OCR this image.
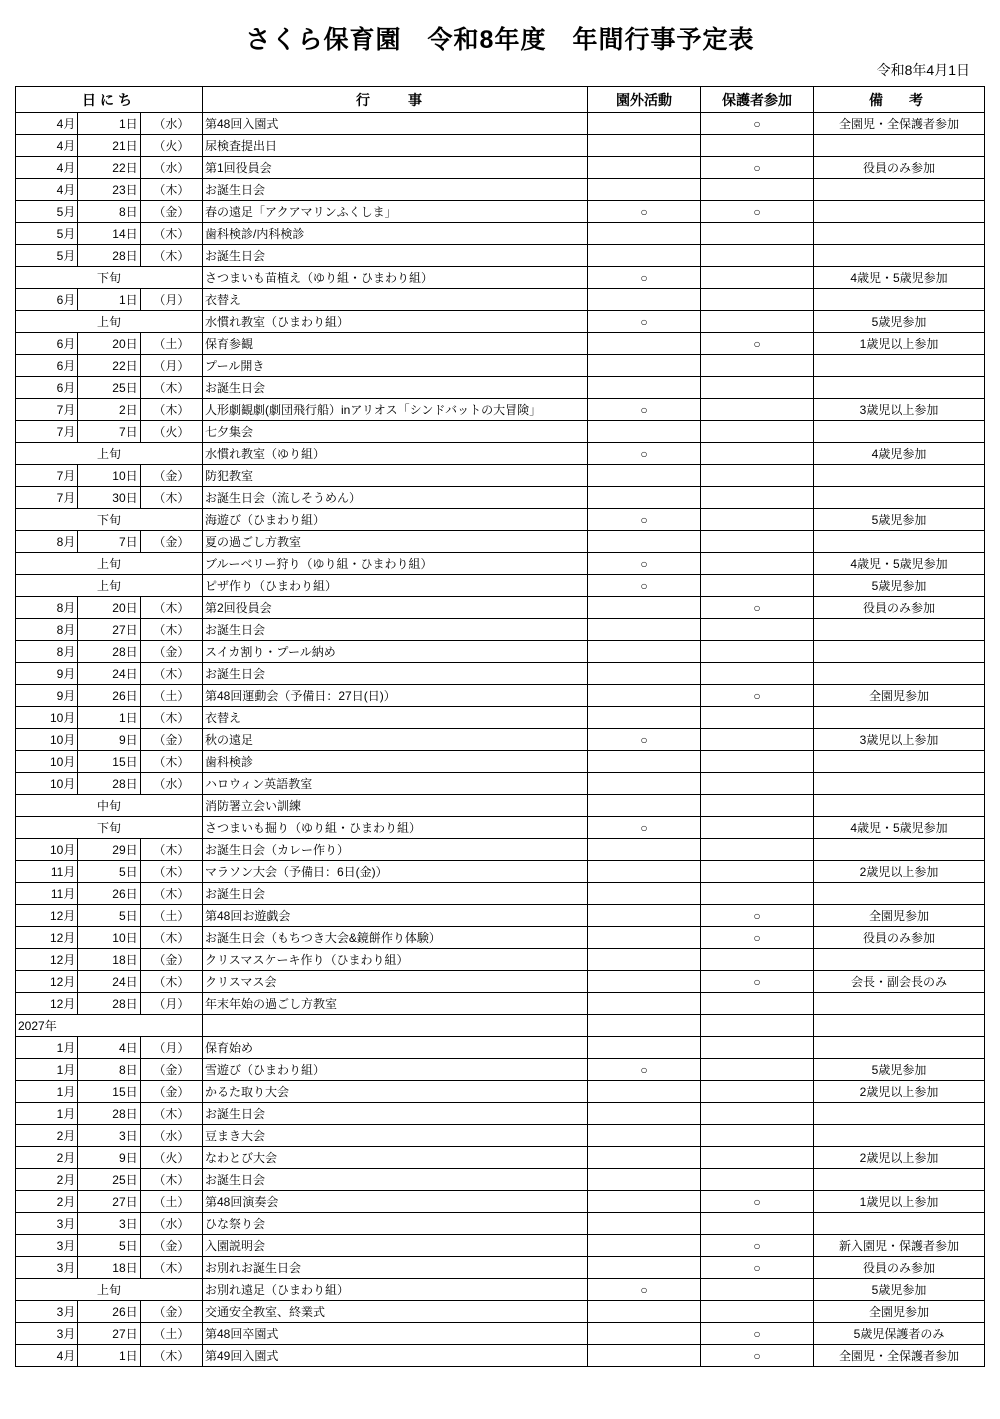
さくら保育園　令和8年度　年間行事予定表
令和8年4月1日
日にち			行　事	園外活動	保護者参加	備　考
4月	1日	（水）	第48回入園式		○	全園児・全保護者参加
4月	21日	（火）	尿検査提出日			
4月	22日	（水）	第1回役員会		○	役員のみ参加
4月	23日	（木）	お誕生日会			
5月	8日	（金）	春の遠足「アクアマリンふくしま」	○	○	
5月	14日	（木）	歯科検診/内科検診			
5月	28日	（木）	お誕生日会			
下旬			さつまいも苗植え（ゆり組・ひまわり組）	○		4歳児・5歳児参加
6月	1日	（月）	衣替え			
上旬			水慣れ教室（ひまわり組）	○		5歳児参加
6月	20日	（土）	保育参観		○	1歳児以上参加
6月	22日	（月）	プール開き			
6月	25日	（木）	お誕生日会			
7月	2日	（木）	人形劇観劇(劇団飛行船）inアリオス「シンドバットの大冒険」	○		3歳児以上参加
7月	7日	（火）	七夕集会			
上旬			水慣れ教室（ゆり組）	○		4歳児参加
7月	10日	（金）	防犯教室			
7月	30日	（木）	お誕生日会（流しそうめん）			
下旬			海遊び（ひまわり組）	○		5歳児参加
8月	7日	（金）	夏の過ごし方教室			
上旬			ブルーベリー狩り（ゆり組・ひまわり組）	○		4歳児・5歳児参加
上旬			ピザ作り（ひまわり組）	○		5歳児参加
8月	20日	（木）	第2回役員会		○	役員のみ参加
8月	27日	（木）	お誕生日会			
8月	28日	（金）	スイカ割り・プール納め			
9月	24日	（木）	お誕生日会			
9月	26日	（土）	第48回運動会（予備日：27日(日)）		○	全園児参加
10月	1日	（木）	衣替え			
10月	9日	（金）	秋の遠足	○		3歳児以上参加
10月	15日	（木）	歯科検診			
10月	28日	（水）	ハロウィン英語教室			
中旬			消防署立会い訓練			
下旬			さつまいも掘り（ゆり組・ひまわり組）	○		4歳児・5歳児参加
10月	29日	（木）	お誕生日会（カレー作り）			
11月	5日	（木）	マラソン大会（予備日：6日(金)）			2歳児以上参加
11月	26日	（木）	お誕生日会			
12月	5日	（土）	第48回お遊戯会		○	全園児参加
12月	10日	（木）	お誕生日会（もちつき大会&鏡餅作り体験）		○	役員のみ参加
12月	18日	（金）	クリスマスケーキ作り（ひまわり組）			
12月	24日	（木）	クリスマス会		○	会長・副会長のみ
12月	28日	（月）	年末年始の過ごし方教室			
2027年						
1月	4日	（月）	保育始め			
1月	8日	（金）	雪遊び（ひまわり組）	○		5歳児参加
1月	15日	（金）	かるた取り大会			2歳児以上参加
1月	28日	（木）	お誕生日会			
2月	3日	（水）	豆まき大会			
2月	9日	（火）	なわとび大会			2歳児以上参加
2月	25日	（木）	お誕生日会			
2月	27日	（土）	第48回演奏会		○	1歳児以上参加
3月	3日	（水）	ひな祭り会			
3月	5日	（金）	入園説明会		○	新入園児・保護者参加
3月	18日	（木）	お別れお誕生日会		○	役員のみ参加
上旬			お別れ遠足（ひまわり組）	○		5歳児参加
3月	26日	（金）	交通安全教室、終業式			全園児参加
3月	27日	（土）	第48回卒園式		○	5歳児保護者のみ
4月	1日	（木）	第49回入園式		○	全園児・全保護者参加
